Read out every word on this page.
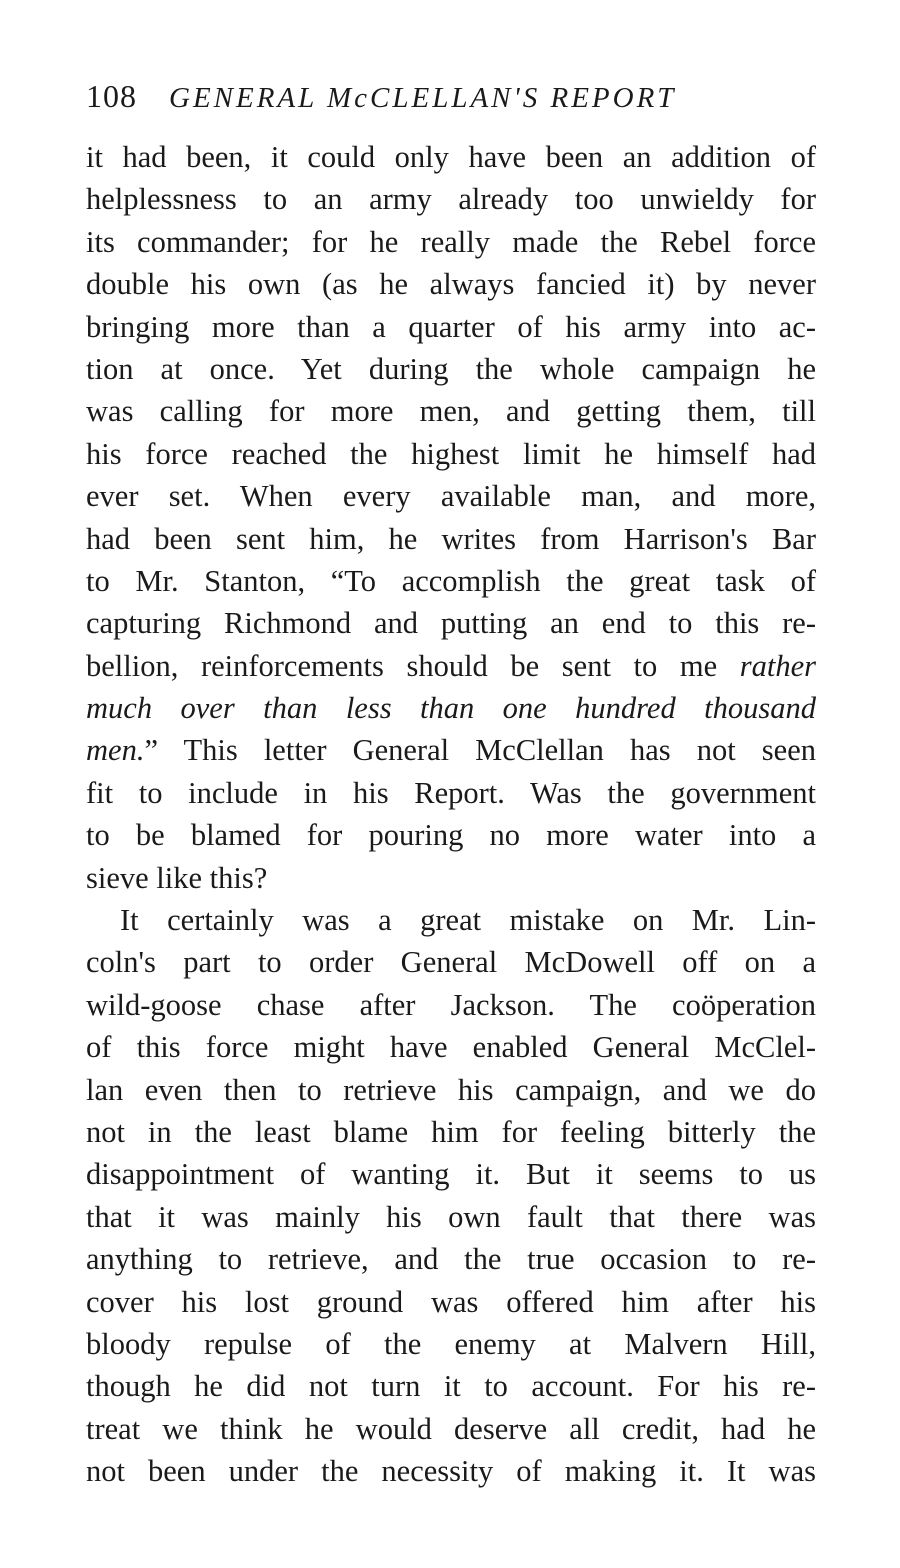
108 GENERAL McCLELLAN'S REPORT
it had been, it could only have been an addition of
helplessness to an army already too unwieldy for
its commander; for he really made the Rebel force
double his own (as he always fancied it) by never
bringing more than a quarter of his army into ac-
tion at once. Yet during the whole campaign he
was calling for more men, and getting them, till
his force reached the highest limit he himself had
ever set. When every available man, and more,
had been sent him, he writes from Harrison's Bar
to Mr. Stanton, “To accomplish the great task of
capturing Richmond and putting an end to this re-
bellion, reinforcements should be sent to me rather
much over than less than one hundred thousand
men.” This letter General McClellan has not seen
fit to include in his Report. Was the government
to be blamed for pouring no more water into a
sieve like this?
It certainly was a great mistake on Mr. Lin-
coln's part to order General McDowell off on a
wild-goose chase after Jackson. The coöperation
of this force might have enabled General McClel-
lan even then to retrieve his campaign, and we do
not in the least blame him for feeling bitterly the
disappointment of wanting it. But it seems to us
that it was mainly his own fault that there was
anything to retrieve, and the true occasion to re-
cover his lost ground was offered him after his
bloody repulse of the enemy at Malvern Hill,
though he did not turn it to account. For his re-
treat we think he would deserve all credit, had he
not been under the necessity of making it. It was
